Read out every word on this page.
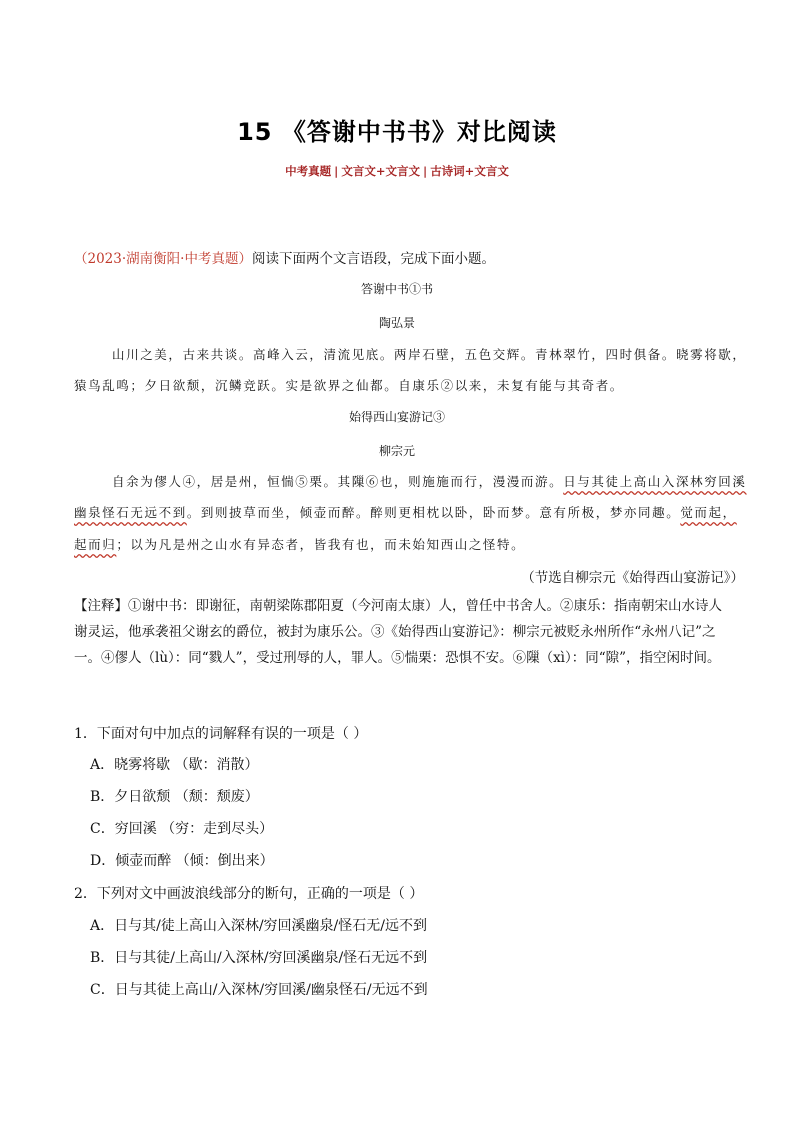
15 《答谢中书书》对比阅读
中考真题 | 文言文+文言文 | 古诗词+文言文
（2023·湖南衡阳·中考真题）阅读下面两个文言语段，完成下面小题。
答谢中书①书
陶弘景
山川之美，古来共谈。高峰入云，清流见底。两岸石壁，五色交辉。青林翠竹，四时俱备。晓雾将歇，
猿鸟乱鸣；夕日欲颓，沉鳞竞跃。实是欲界之仙都。自康乐②以来，未复有能与其奇者。
始得西山宴游记③
柳宗元
自余为僇人④，居是州，恒惴⑤栗。其隟⑥也，则施施而行，漫漫而游。日与其徒上高山入深林穷回溪
幽泉怪石无远不到。到则披草而坐，倾壶而醉。醉则更相枕以卧，卧而梦。意有所极，梦亦同趣。觉而起，
起而归；以为凡是州之山水有异态者，皆我有也，而未始知西山之怪特。
（节选自柳宗元《始得西山宴游记》）
【注释】①谢中书：即谢征，南朝梁陈郡阳夏（今河南太康）人，曾任中书舍人。②康乐：指南朝宋山水诗人谢灵运，他承袭祖父谢玄的爵位，被封为康乐公。③《始得西山宴游记》：柳宗元被贬永州所作“永州八记”之一。④僇人（lù）：同“戮人”，受过刑辱的人，罪人。⑤惴栗：恐惧不安。⑥隟（xì）：同“隙”，指空闲时间。
1．下面对句中加点的词解释有误的一项是（ ）
A．晓雾将歇 （歇：消散）
B．夕日欲颓 （颓：颓废）
C．穷回溪 （穷：走到尽头）
D．倾壶而醉 （倾：倒出来）
2．下列对文中画波浪线部分的断句，正确的一项是（ ）
A．日与其/徒上高山入深林/穷回溪幽泉/怪石无/远不到
B．日与其徒/上高山/入深林/穷回溪幽泉/怪石无远不到
C．日与其徒上高山/入深林/穷回溪/幽泉怪石/无远不到
